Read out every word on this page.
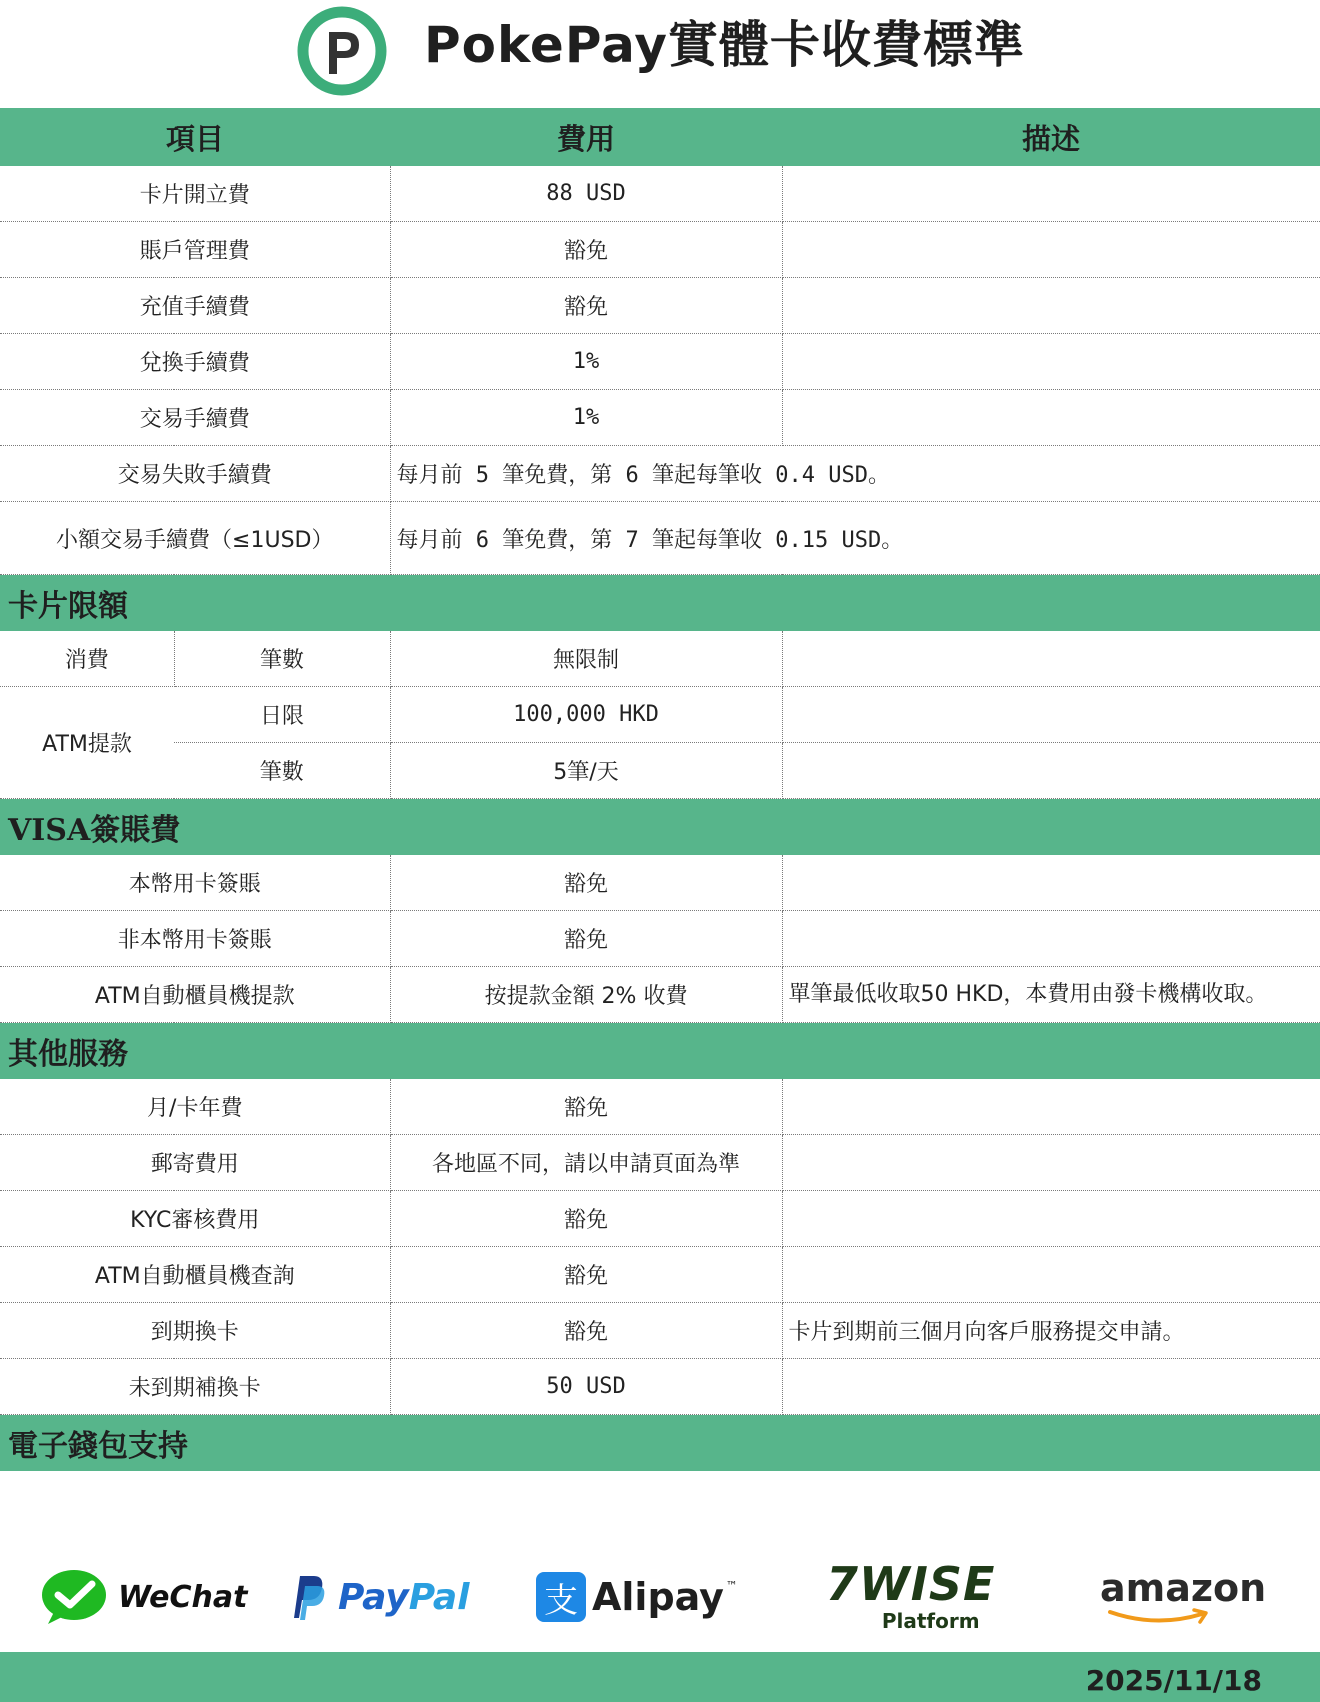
PokePay實體卡收費標準
項目		費用	描述
卡片開立費		88 USD	
賬戶管理費		豁免	
充值手續費		豁免	
兌換手續費		1%	
交易手續費		1%	
交易失敗手續費		每月前 5 筆免費，第 6 筆起每筆收 0.4 USD。	
小額交易手續費（≤1USD）		每月前 6 筆免費，第 7 筆起每筆收 0.15 USD。	
卡片限額			
消費	筆數	無限制	
	日限	100,000 HKD	
ATM提款			
	筆數	5筆/天	
VISA簽賬費			
本幣用卡簽賬		豁免	
非本幣用卡簽賬		豁免	
ATM自動櫃員機提款		按提款金額 2% 收費	單筆最低收取50 HKD，本費用由發卡機構收取。
其他服務			
月/卡年費		豁免	
郵寄費用		各地區不同，請以申請頁面為準	
KYC審核費用		豁免	
ATM自動櫃員機查詢		豁免	
到期換卡		豁免	卡片到期前三個月向客戶服務提交申請。
未到期補換卡		50 USD	
電子錢包支持			
WeChat	PayPal 支 Alipay ™ 7WISE
Platform
amazon
2025/11/18
